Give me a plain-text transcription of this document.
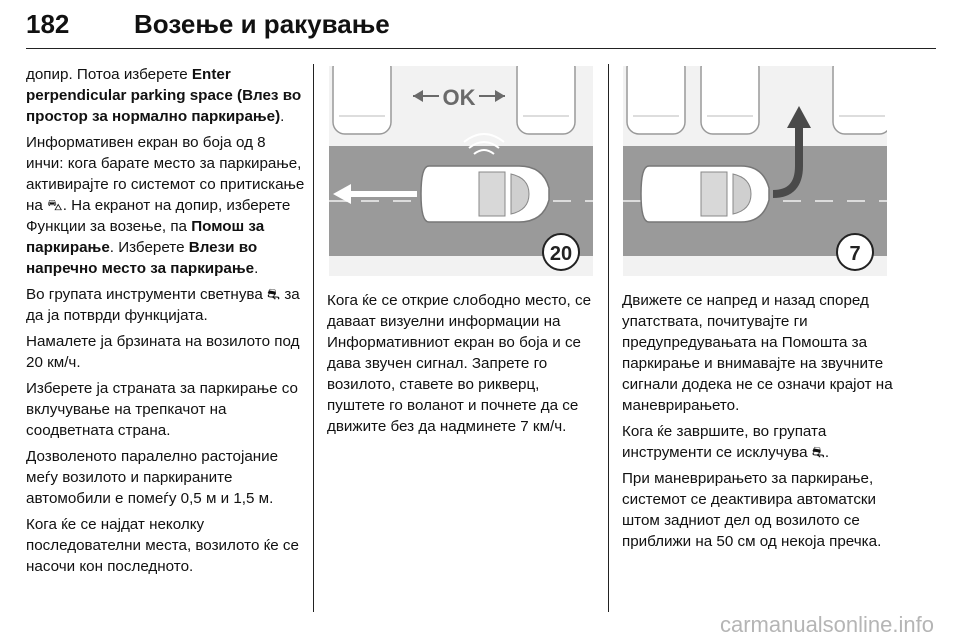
182 Возење и ракување

допир. Потоа изберете Enter perpendicular parking space (Влез во простор за нормално паркирање).

Информативен екран во боја од 8 инчи: кога барате место за паркирање, активирајте го системот со притискање на ⛍. На екранот на допир, изберете Функции за возење, па Помош за паркирање. Изберете Влези во напречно место за паркирање.

Во групата инструменти светнува ⛐ за да ја потврди функцијата.

Намалете ја брзината на возилото под 20 км/ч.

Изберете ја страната за паркирање со вклучување на трепкачот на соодветната страна.

Дозволеното паралелно растојание меѓу возилото и паркираните автомобили е помеѓу 0,5 м и 1,5 м.

Кога ќе се најдат неколку последователни места, возилото ќе се насочи кон последното.

OK
20	7

Кога ќе се открие слободно место, се даваат визуелни информации на Информативниот екран во боја и се дава звучен сигнал. Запрете го возилото, ставете во рикверц, пуштете го воланот и почнете да се движите без да надминете 7 км/ч.

Движете се напред и назад според упатствата, почитувајте ги предупредувањата на Помошта за паркирање и внимавајте на звучните сигнали додека не се означи крајот на маневрирањето.

Кога ќе завршите, во групата инструменти се исклучува ⛐.

При маневрирањето за паркирање, системот се деактивира автоматски штом задниот дел од возилото се приближи на 50 см од некоја пречка.

carmanualsonline.info
